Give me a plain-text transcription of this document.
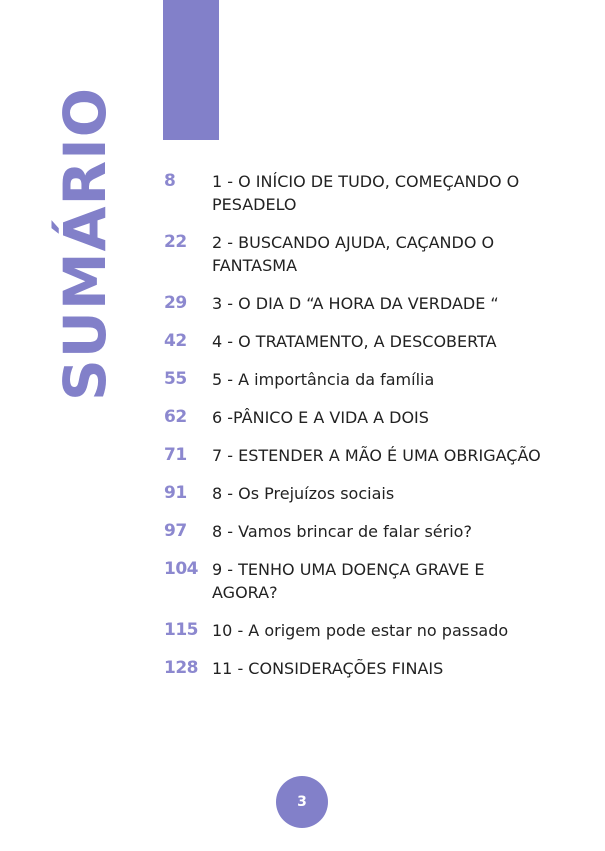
SUMÁRIO	8	1 - O INÍCIO DE TUDO, COMEÇANDO O PESADELO
22	2 - BUSCANDO AJUDA, CAÇANDO O FANTASMA
29	3 - O DIA D “A HORA DA VERDADE “
42	4 - O TRATAMENTO, A DESCOBERTA
55	5 - A importância da família
62	6 -PÂNICO E A VIDA A DOIS
71	7 - ESTENDER A MÃO É UMA OBRIGAÇÃO
91	8 - Os Prejuízos sociais
97	8 - Vamos brincar de falar sério?
104 9 - TENHO UMA DOENÇA GRAVE E AGORA?
115 10 - A origem pode estar no passado
128 11 - CONSIDERAÇÕES FINAIS
3
